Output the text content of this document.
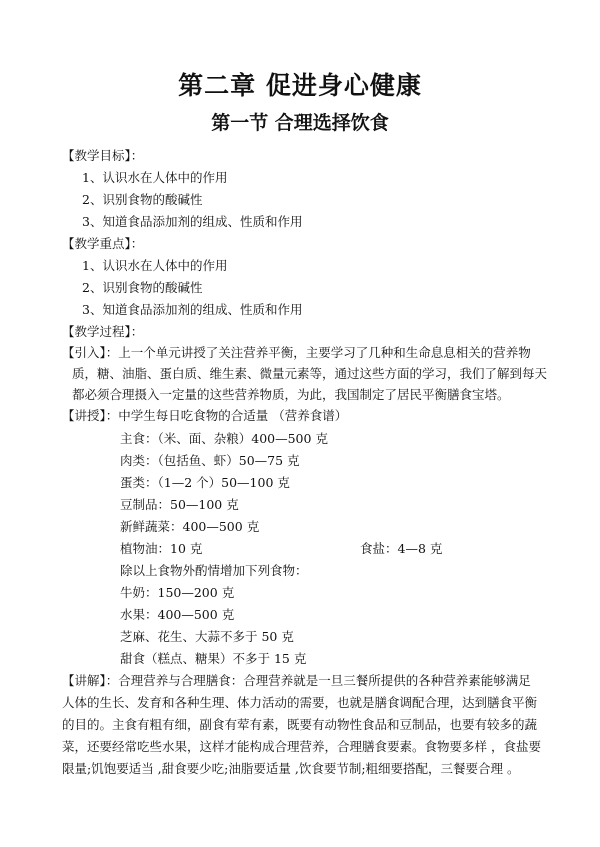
第二章 促进身心健康
第一节 合理选择饮食
【教学目标】：
1、认识水在人体中的作用
2、识别食物的酸碱性
3、知道食品添加剂的组成、性质和作用
【教学重点】：
1、认识水在人体中的作用
2、识别食物的酸碱性
3、知道食品添加剂的组成、性质和作用
【教学过程】：
【引入】：上一个单元讲授了关注营养平衡，主要学习了几种和生命息息相关的营养物
质，糖、油脂、蛋白质、维生素、微量元素等，通过这些方面的学习，我们了解到每天
都必须合理摄入一定量的这些营养物质，为此，我国制定了居民平衡膳食宝塔。
【讲授】：中学生每日吃食物的合适量 （营养食谱）
主食：（米、面、杂粮）400—500 克
肉类：（包括鱼、虾）50—75 克
蛋类：（1—2 个）50—100 克
豆制品：50—100 克
新鲜蔬菜：400—500 克
植物油：10 克	食盐：4—8 克
除以上食物外酌情增加下列食物：
牛奶：150—200 克
水果：400—500 克
芝麻、花生、大蒜不多于 50 克
甜食（糕点、糖果）不多于 15 克
【讲解】：合理营养与合理膳食：合理营养就是一旦三餐所提供的各种营养素能够满足
人体的生长、发育和各种生理、体力活动的需要，也就是膳食调配合理，达到膳食平衡
的目的。主食有粗有细，副食有荤有素，既要有动物性食品和豆制品，也要有较多的蔬
菜，还要经常吃些水果，这样才能构成合理营养，合理膳食要素。食物要多样 ，食盐要
限量;饥饱要适当 ,甜食要少吃;油脂要适量 ,饮食要节制;粗细要搭配，三餐要合理 。
